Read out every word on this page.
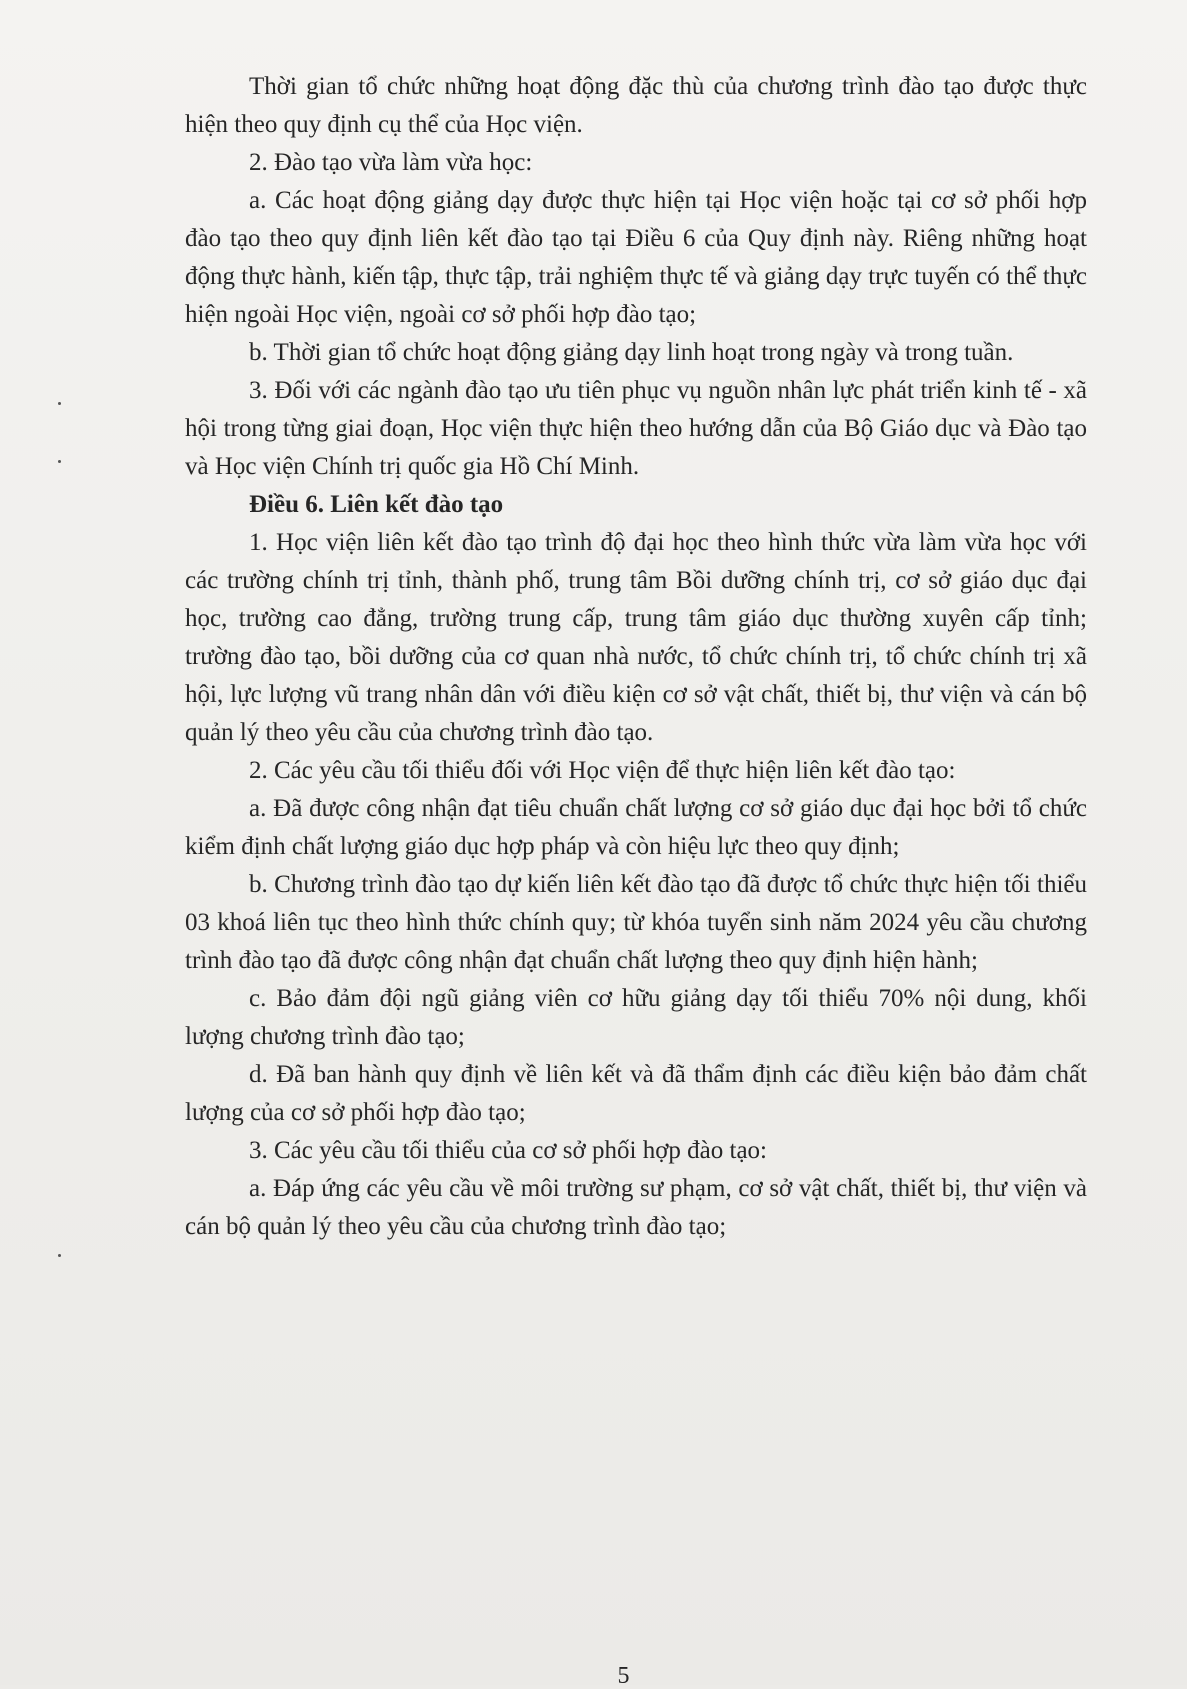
Thời gian tổ chức những hoạt động đặc thù của chương trình đào tạo được thực hiện theo quy định cụ thể của Học viện.

2. Đào tạo vừa làm vừa học:

a. Các hoạt động giảng dạy được thực hiện tại Học viện hoặc tại cơ sở phối hợp đào tạo theo quy định liên kết đào tạo tại Điều 6 của Quy định này. Riêng những hoạt động thực hành, kiến tập, thực tập, trải nghiệm thực tế và giảng dạy trực tuyến có thể thực hiện ngoài Học viện, ngoài cơ sở phối hợp đào tạo;

b. Thời gian tổ chức hoạt động giảng dạy linh hoạt trong ngày và trong tuần.

3. Đối với các ngành đào tạo ưu tiên phục vụ nguồn nhân lực phát triển kinh tế - xã hội trong từng giai đoạn, Học viện thực hiện theo hướng dẫn của Bộ Giáo dục và Đào tạo và Học viện Chính trị quốc gia Hồ Chí Minh.

Điều 6. Liên kết đào tạo

1. Học viện liên kết đào tạo trình độ đại học theo hình thức vừa làm vừa học với các trường chính trị tỉnh, thành phố, trung tâm Bồi dưỡng chính trị, cơ sở giáo dục đại học, trường cao đẳng, trường trung cấp, trung tâm giáo dục thường xuyên cấp tỉnh; trường đào tạo, bồi dưỡng của cơ quan nhà nước, tổ chức chính trị, tổ chức chính trị xã hội, lực lượng vũ trang nhân dân với điều kiện cơ sở vật chất, thiết bị, thư viện và cán bộ quản lý theo yêu cầu của chương trình đào tạo.

2. Các yêu cầu tối thiểu đối với Học viện để thực hiện liên kết đào tạo:

a. Đã được công nhận đạt tiêu chuẩn chất lượng cơ sở giáo dục đại học bởi tổ chức kiểm định chất lượng giáo dục hợp pháp và còn hiệu lực theo quy định;

b. Chương trình đào tạo dự kiến liên kết đào tạo đã được tổ chức thực hiện tối thiểu 03 khoá liên tục theo hình thức chính quy; từ khóa tuyển sinh năm 2024 yêu cầu chương trình đào tạo đã được công nhận đạt chuẩn chất lượng theo quy định hiện hành;

c. Bảo đảm đội ngũ giảng viên cơ hữu giảng dạy tối thiểu 70% nội dung, khối lượng chương trình đào tạo;

d. Đã ban hành quy định về liên kết và đã thẩm định các điều kiện bảo đảm chất lượng của cơ sở phối hợp đào tạo;

3. Các yêu cầu tối thiểu của cơ sở phối hợp đào tạo:

a. Đáp ứng các yêu cầu về môi trường sư phạm, cơ sở vật chất, thiết bị, thư viện và cán bộ quản lý theo yêu cầu của chương trình đào tạo;

5
